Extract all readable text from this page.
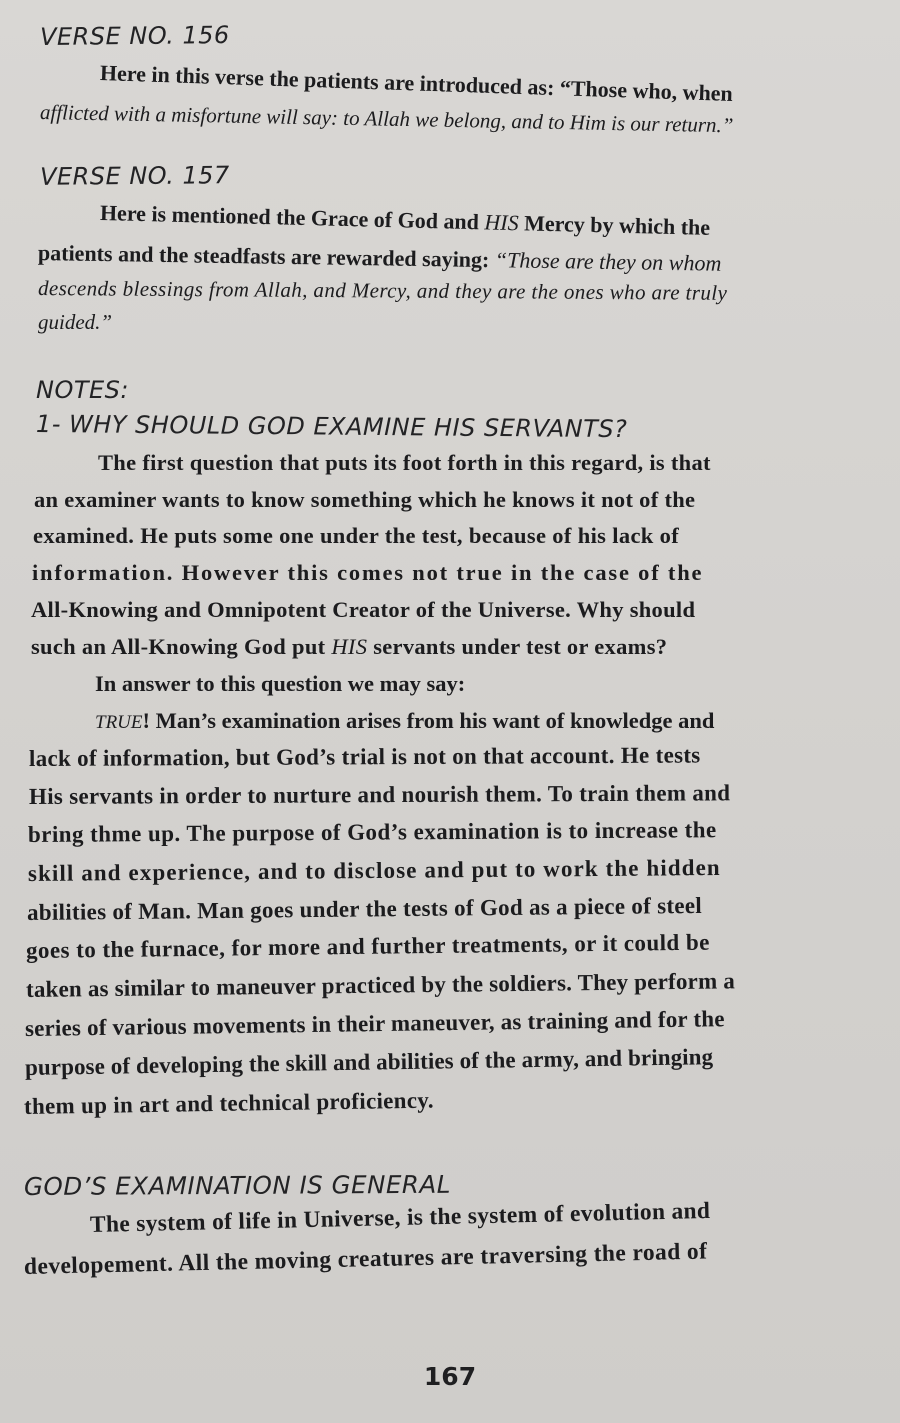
VERSE NO. 156
Here in this verse the patients are introduced as: “Those who, when
afflicted with a misfortune will say: to Allah we belong, and to Him is our return.”
VERSE NO. 157
Here is mentioned the Grace of God and HIS Mercy by which the
patients and the steadfasts are rewarded saying: “Those are they on whom
descends blessings from Allah, and Mercy, and they are the ones who are truly
guided.”
NOTES:
1- WHY SHOULD GOD EXAMINE HIS SERVANTS?
The first question that puts its foot forth in this regard, is that
an examiner wants to know something which he knows it not of the
examined. He puts some one under the test, because of his lack of
information. However this comes not true in the case of the
All-Knowing and Omnipotent Creator of the Universe. Why should
such an All-Knowing God put HIS servants under test or exams?
In answer to this question we may say:
TRUE! Man’s examination arises from his want of knowledge and
lack of information, but God’s trial is not on that account. He tests
His servants in order to nurture and nourish them. To train them and
bring thme up. The purpose of God’s examination is to increase the
skill and experience, and to disclose and put to work the hidden
abilities of Man. Man goes under the tests of God as a piece of steel
goes to the furnace, for more and further treatments, or it could be
taken as similar to maneuver practiced by the soldiers. They perform a
series of various movements in their maneuver, as training and for the
purpose of developing the skill and abilities of the army, and bringing
them up in art and technical proficiency.
GOD’S EXAMINATION IS GENERAL
The system of life in Universe, is the system of evolution and
developement. All the moving creatures are traversing the road of
167
